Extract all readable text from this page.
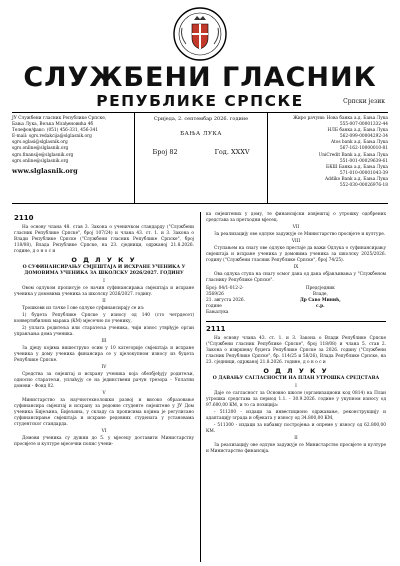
СЛУЖБЕНИ ГЛАСНИК
РЕПУБЛИКЕ СРПСКЕ	Српски језик
ЈУ Службени гласник Републике Српске,
Бања Лука, Вељка Млађеновића 4б
Телефон/факс: (051) 456-331, 456-341
E-mail: sgrs.redakcija@slglasnik.org
sgrs.oglasi@slglasnik.org
sgrs.online@slglasnik.org
sgrs.finansije@slglasnik.org
sgrs.online@slglasnik.org
www.slglasnik.org
Сриједа, 2. септембар 2026. године
БАЊА ЛУКА
Број 82	Год. XXXV
Жиро рачуни: Нова банка а.д. Бања Лука
555-007-00001332-44
НЛБ банка а.д. Бања Лука
562-099-00004292-34
Atos bank a.д. Бања Лука
567-162-10000010-81
UniCredit Bank а.д. Бања Лука
551-001-00029639-61
БКШ Банка а.д. Бања Лука
571-010-00001043-39
Addiko Bank а.д. Бања Лука
552-030-00026976-18
2110
На основу члана 48. став 3. Закона о ученичком стандарду ("Службени гласник Републике Српске", број 107/24) и члана 43. ст. 1. и 3. Закона о Влади Републике Српске ("Службени гласник Републике Српске", број 118/08), Влада Републике Српске, на 23. сједници, одржаној 21.8.2026. године, д о н о с и
О Д Л У К У
О СУФИНАНСИРАЊУ СМЈЕШТАЈА И ИСХРАНЕ УЧЕНИКА У ДОМОВИМА УЧЕНИКА ЗА ШКОЛСКУ 2026/2027. ГОДИНУ
I
Овом одлуком прописује се начин суфинансирања смјештаја и исхране ученика у домовима ученика за школску 2026/2027. годину.
II
Трошкови из тачке I ове одлуке суфинансирају се из:
1) буџета Републике Српске у износу од 140 (сто четрдесет) конвертибилних марака (КМ) мјесечно по ученику,
2) уплата родитеља или старатеља ученика, чији износ утврђује орган управљања дома ученика.
III
За дјецу којима вишеструко осим у 10 категорије смјештаја и исхране ученика у дому ученика финансира се у цјелокупном износу из буџета Републике Српске.
IV
Средства за смјештај и исхрану ученика која обезбјеђују родитељи, односно старатељи, уплаћују се на јединствени рачун трезора - Уплатни домови - Фонд 02.
V
Министарство за научнотехнолошки развој и високо образовање суфинансира смјештај и исхрану за редовне студенте смјештене у ЈУ Дом ученика Бијељина, Бијељина, у складу са прописима којима је регулисано суфинансирање смјештаја и исхране редовних студената у установама студентског стандарда.
VI
Домови ученика су дужни до 5. у мјесецу доставити Министарству просвјете и културе мјесечни попис учени-
ка смјештених у дому, те финансијски извјештај о утрошку одобрених средстава за претходни мјесец.
VII
За реализацију ове одлуке задужује се Министарство просвјете и културе.
VIII
Ступањем на снагу ове одлуке престаје да важи Одлука о суфинансирању смјештаја и исхране ученика у домовима ученика за школску 2025/2026. годину ("Службени гласник Републике Српске", број 74/25).
IX
Ова одлука ступа на снагу осмог дана од дана објављивања у "Службеном гласнику Републике Српске".
Број: 04/1-012-2-3569/26
21. августа 2026. године
Бањалука
Предсједник
Владе,
Др Саво Минић, с.р.
2111
На основу члана 43. ст. 1. и 3. Закона о Влади Републике Српске ("Службени гласник Републике Српске", број 118/08) и члана 5. став 2. Закона о извршењу буџета Републике Српске за 2026. годину ("Службени гласник Републике Српске", бр. 114/25 и 58/26), Влада Републике Српске, на 23. сједници, одржаној 21.8.2026. године, д о н о с и
О Д Л У К У
О ДАВАЊУ САГЛАСНОСТИ НА ПЛАН УТРОШКА СРЕДСТАВА
I
Даје се сагласност за Основно школе (организациони код 0814) на План утрошка средстава за период 1.1. - 30.9.2026. године у укупном износу од 97.600,00 КМ, и то са позиција:
- 511200 - издаци за инвестиционо одржавање, реконструкцију и адаптацију зграда и објеката у износу од 34.800,00 КМ,
- 511300 - издаци за набавку постројења и опреме у износу од 62.800,00 КМ.
II
За реализацију ове одлуке задужује се Министарство просвјете и културе и Министарство финансија.
